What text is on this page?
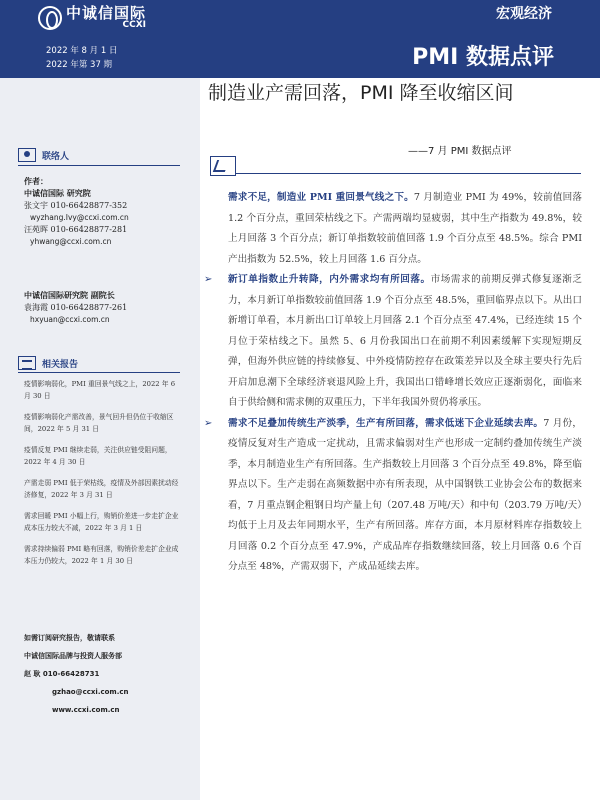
中诚信国际
CCXI
2022 年 8 月 1 日
2022 年第 37 期
宏观经济
PMI 数据点评
制造业产需回落，PMI 降至收缩区间
——7 月 PMI 数据点评
联络人
作者：
中诚信国际 研究院
张文宇 010-66428877-352
wyzhang.Ivy@ccxi.com.cn
汪苑晖 010-66428877-281
yhwang@ccxi.com.cn
中诚信国际研究院 副院长
袁海霞 010-66428877-261
hxyuan@ccxi.com.cn
相关报告
疫情影响弱化，PMI 重回景气线之上，2022 年 6 月 30 日
疫情影响弱化产需改善，景气回升但仍位于收缩区间，2022 年 5 月 31 日
疫情反复 PMI 继续走弱，关注供应链受阻问题，2022 年 4 月 30 日
产需走弱 PMI 低于荣枯线，疫情及外部因素扰动经济修复，2022 年 3 月 31 日
需求回暖 PMI 小幅上行，购销价差进一步走扩企业成本压力较大不减，2022 年 3 月 1 日
需求持续偏弱 PMI 略有回落，购销价差走扩企业成本压力仍较大，2022 年 1 月 30 日
如需订阅研究报告，敬请联系
中诚信国际品牌与投资人服务部
赵 耿 010-66428731
gzhao@ccxi.com.cn
www.ccxi.com.cn
需求不足，制造业 PMI 重回景气线之下。7 月制造业 PMI 为 49%，较前值回落 1.2 个百分点，重回荣枯线之下。产需两端均显疲弱，其中生产指数为 49.8%，较上月回落 3 个百分点；新订单指数较前值回落 1.9 个百分点至 48.5%。综合 PMI 产出指数为 52.5%，较上月回落 1.6 百分点。
➢ 新订单指数止升转降，内外需求均有所回落。市场需求的前期反弹式修复逐渐乏力，本月新订单指数较前值回落 1.9 个百分点至 48.5%，重回临界点以下。从出口新增订单看，本月新出口订单较上月回落 2.1 个百分点至 47.4%，已经连续 15 个月位于荣枯线之下。虽然 5、6 月份我国出口在前期不利因素缓解下实现短期反弹，但海外供应链的持续修复、中外疫情防控存在政策差异以及全球主要央行先后开启加息潮下全球经济衰退风险上升，我国出口错峰增长效应正逐渐弱化，面临来自于供给侧和需求侧的双重压力，下半年我国外贸仍将承压。
➢ 需求不足叠加传统生产淡季，生产有所回落，需求低迷下企业延续去库。7 月份，疫情反复对生产造成一定扰动，且需求偏弱对生产也形成一定制约叠加传统生产淡季，本月制造业生产有所回落。生产指数较上月回落 3 个百分点至 49.8%，降至临界点以下。生产走弱在高频数据中亦有所表现，从中国钢铁工业协会公布的数据来看，7 月重点钢企粗钢日均产量上旬（207.48 万吨/天）和中旬（203.79 万吨/天）均低于上月及去年同期水平，生产有所回落。库存方面，本月原材料库存指数较上月回落 0.2 个百分点至 47.9%，产成品库存指数继续回落，较上月回落 0.6 个百分点至 48%，产需双弱下，产成品延续去库。
